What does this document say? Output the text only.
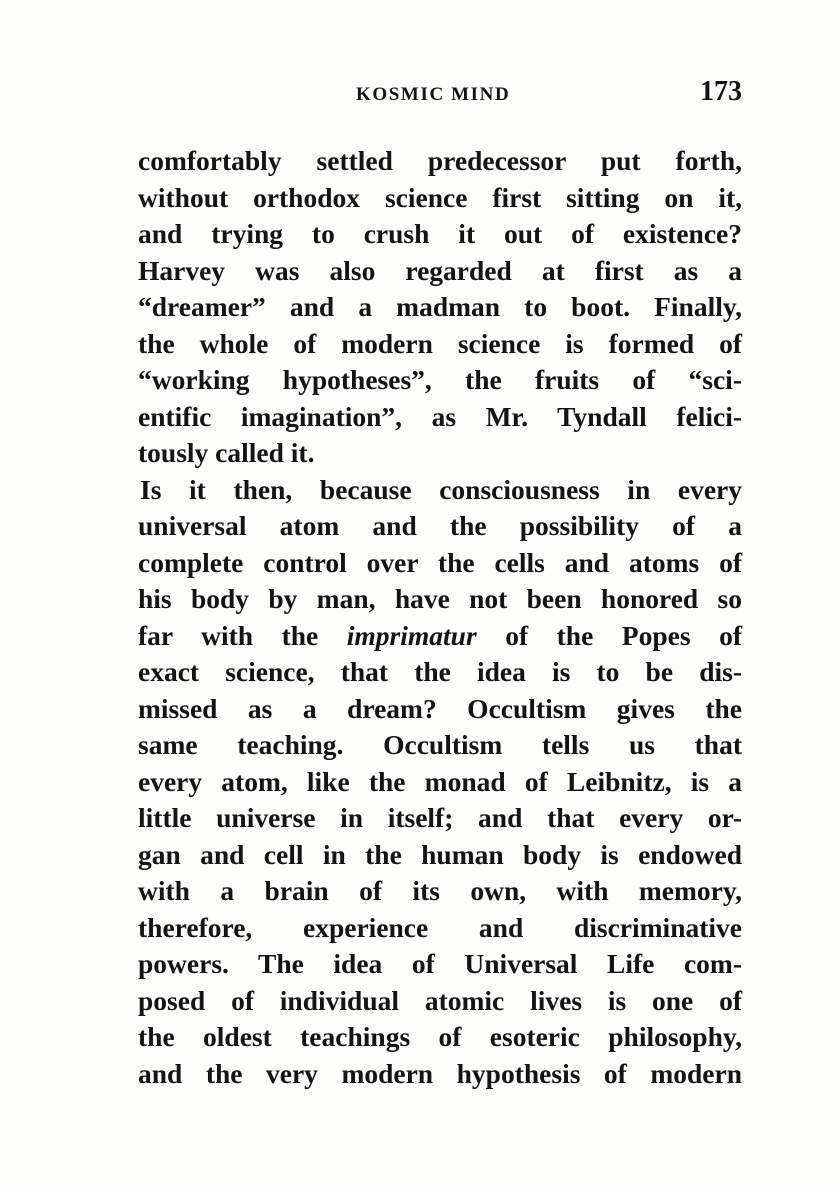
KOSMIC MIND	173
comfortably settled predecessor put forth,
without orthodox science first sitting on it,
and trying to crush it out of existence?
Harvey was also regarded at first as a
“dreamer” and a madman to boot. Finally,
the whole of modern science is formed of
“working hypotheses”, the fruits of “sci-
entific imagination”, as Mr. Tyndall felici-
tously called it.
Is it then, because consciousness in every
universal atom and the possibility of a
complete control over the cells and atoms of
his body by man, have not been honored so
far with the imprimatur of the Popes of
exact science, that the idea is to be dis-
missed as a dream? Occultism gives the
same teaching. Occultism tells us that
every atom, like the monad of Leibnitz, is a
little universe in itself; and that every or-
gan and cell in the human body is endowed
with a brain of its own, with memory,
therefore, experience and discriminative
powers. The idea of Universal Life com-
posed of individual atomic lives is one of
the oldest teachings of esoteric philosophy,
and the very modern hypothesis of modern
